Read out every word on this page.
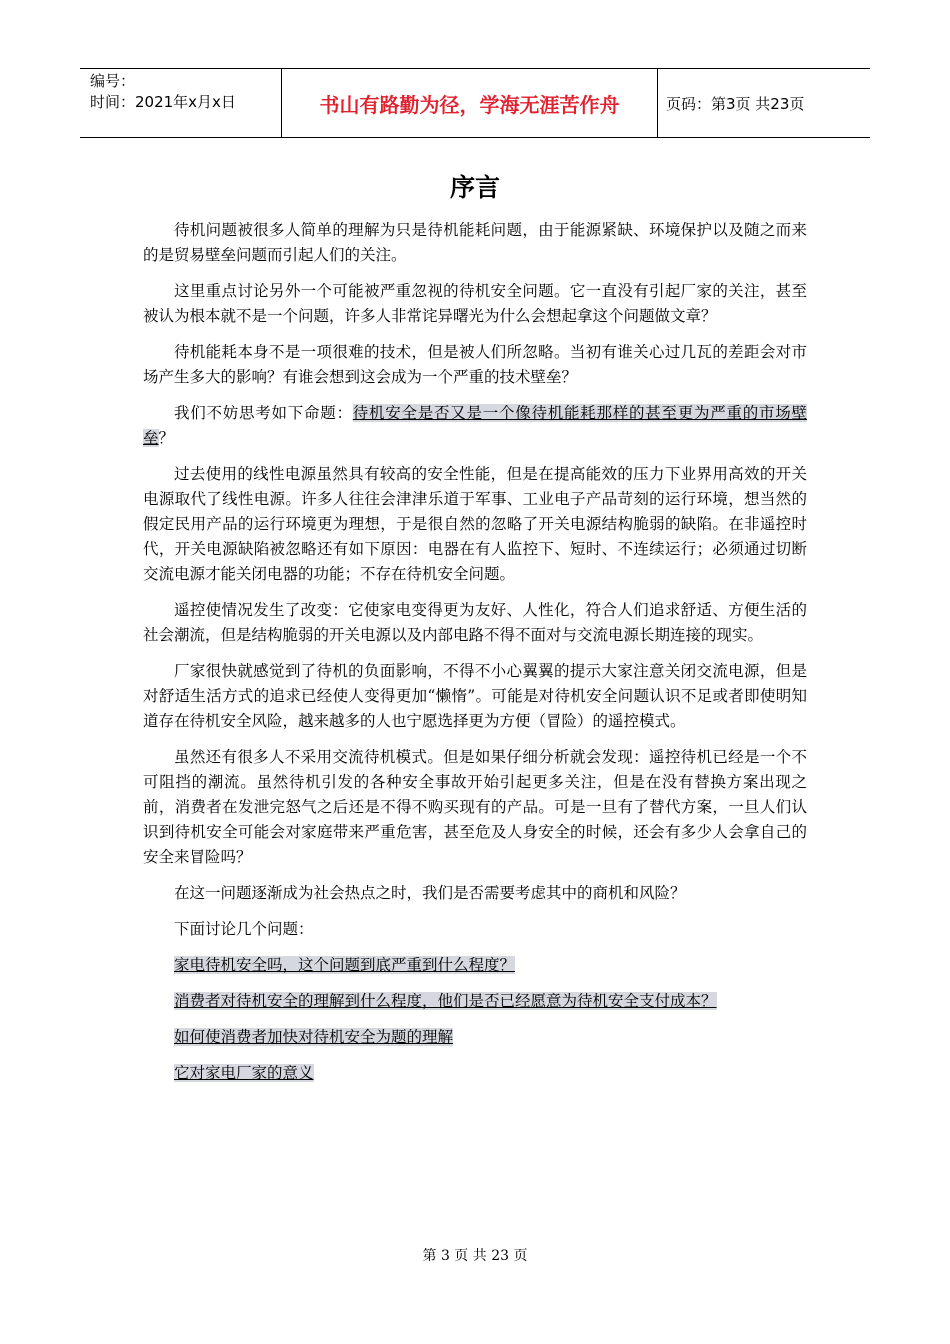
编号：
时间：2021年x月x日	书山有路勤为径，学海无涯苦作舟	页码：第3页 共23页
序言

待机问题被很多人简单的理解为只是待机能耗问题，由于能源紧缺、环境保护以及随之而来的是贸易壁垒问题而引起人们的关注。

这里重点讨论另外一个可能被严重忽视的待机安全问题。它一直没有引起厂家的关注，甚至被认为根本就不是一个问题，许多人非常诧异曙光为什么会想起拿这个问题做文章？

待机能耗本身不是一项很难的技术，但是被人们所忽略。当初有谁关心过几瓦的差距会对市场产生多大的影响？有谁会想到这会成为一个严重的技术壁垒？

我们不妨思考如下命题：待机安全是否又是一个像待机能耗那样的甚至更为严重的市场壁垒？

过去使用的线性电源虽然具有较高的安全性能，但是在提高能效的压力下业界用高效的开关电源取代了线性电源。许多人往往会津津乐道于军事、工业电子产品苛刻的运行环境，想当然的假定民用产品的运行环境更为理想，于是很自然的忽略了开关电源结构脆弱的缺陷。在非遥控时代，开关电源缺陷被忽略还有如下原因：电器在有人监控下、短时、不连续运行；必须通过切断交流电源才能关闭电器的功能；不存在待机安全问题。

遥控使情况发生了改变：它使家电变得更为友好、人性化，符合人们追求舒适、方便生活的社会潮流，但是结构脆弱的开关电源以及内部电路不得不面对与交流电源长期连接的现实。

厂家很快就感觉到了待机的负面影响，不得不小心翼翼的提示大家注意关闭交流电源，但是对舒适生活方式的追求已经使人变得更加“懒惰”。可能是对待机安全问题认识不足或者即使明知道存在待机安全风险，越来越多的人也宁愿选择更为方便（冒险）的遥控模式。

虽然还有很多人不采用交流待机模式。但是如果仔细分析就会发现：遥控待机已经是一个不可阻挡的潮流。虽然待机引发的各种安全事故开始引起更多关注，但是在没有替换方案出现之前，消费者在发泄完怒气之后还是不得不购买现有的产品。可是一旦有了替代方案，一旦人们认识到待机安全可能会对家庭带来严重危害，甚至危及人身安全的时候，还会有多少人会拿自己的安全来冒险吗？

在这一问题逐渐成为社会热点之时，我们是否需要考虑其中的商机和风险？

下面讨论几个问题：

家电待机安全吗，这个问题到底严重到什么程度？
消费者对待机安全的理解到什么程度，他们是否已经愿意为待机安全支付成本？
如何使消费者加快对待机安全为题的理解
它对家电厂家的意义
第 3 页 共 23 页
